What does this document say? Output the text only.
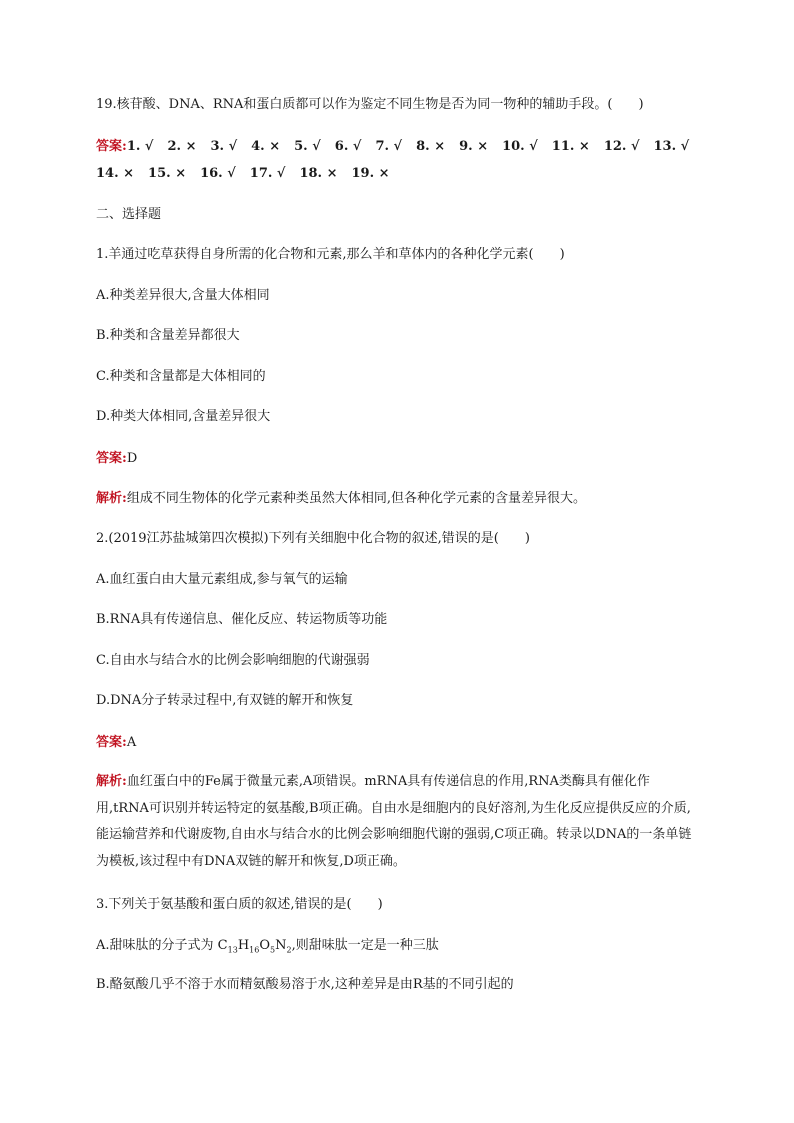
19.核苷酸、DNA、RNA和蛋白质都可以作为鉴定不同生物是否为同一物种的辅助手段。(　　)

答案:1. √ 2. × 3. √ 4. × 5. √ 6. √ 7. √ 8. × 9. × 10. √ 11. × 12. √ 13. √
14. × 15. × 16. √ 17. √ 18. × 19. ×

二、选择题

1.羊通过吃草获得自身所需的化合物和元素,那么羊和草体内的各种化学元素(　　)

A.种类差异很大,含量大体相同

B.种类和含量差异都很大

C.种类和含量都是大体相同的

D.种类大体相同,含量差异很大

答案:D

解析:组成不同生物体的化学元素种类虽然大体相同,但各种化学元素的含量差异很大。

2.(2019江苏盐城第四次模拟)下列有关细胞中化合物的叙述,错误的是(　　)

A.血红蛋白由大量元素组成,参与氧气的运输

B.RNA具有传递信息、催化反应、转运物质等功能

C.自由水与结合水的比例会影响细胞的代谢强弱

D.DNA分子转录过程中,有双链的解开和恢复

答案:A

解析:血红蛋白中的Fe属于微量元素,A项错误。mRNA具有传递信息的作用,RNA类酶具有催化作用,tRNA可识别并转运特定的氨基酸,B项正确。自由水是细胞内的良好溶剂,为生化反应提供反应的介质,能运输营养和代谢废物,自由水与结合水的比例会影响细胞代谢的强弱,C项正确。转录以DNA的一条单链为模板,该过程中有DNA双链的解开和恢复,D项正确。

3.下列关于氨基酸和蛋白质的叙述,错误的是(　　)

A.甜味肽的分子式为 $C_{13}H_{16}O_5N_2$,则甜味肽一定是一种三肽

B.酪氨酸几乎不溶于水而精氨酸易溶于水,这种差异是由R基的不同引起的
